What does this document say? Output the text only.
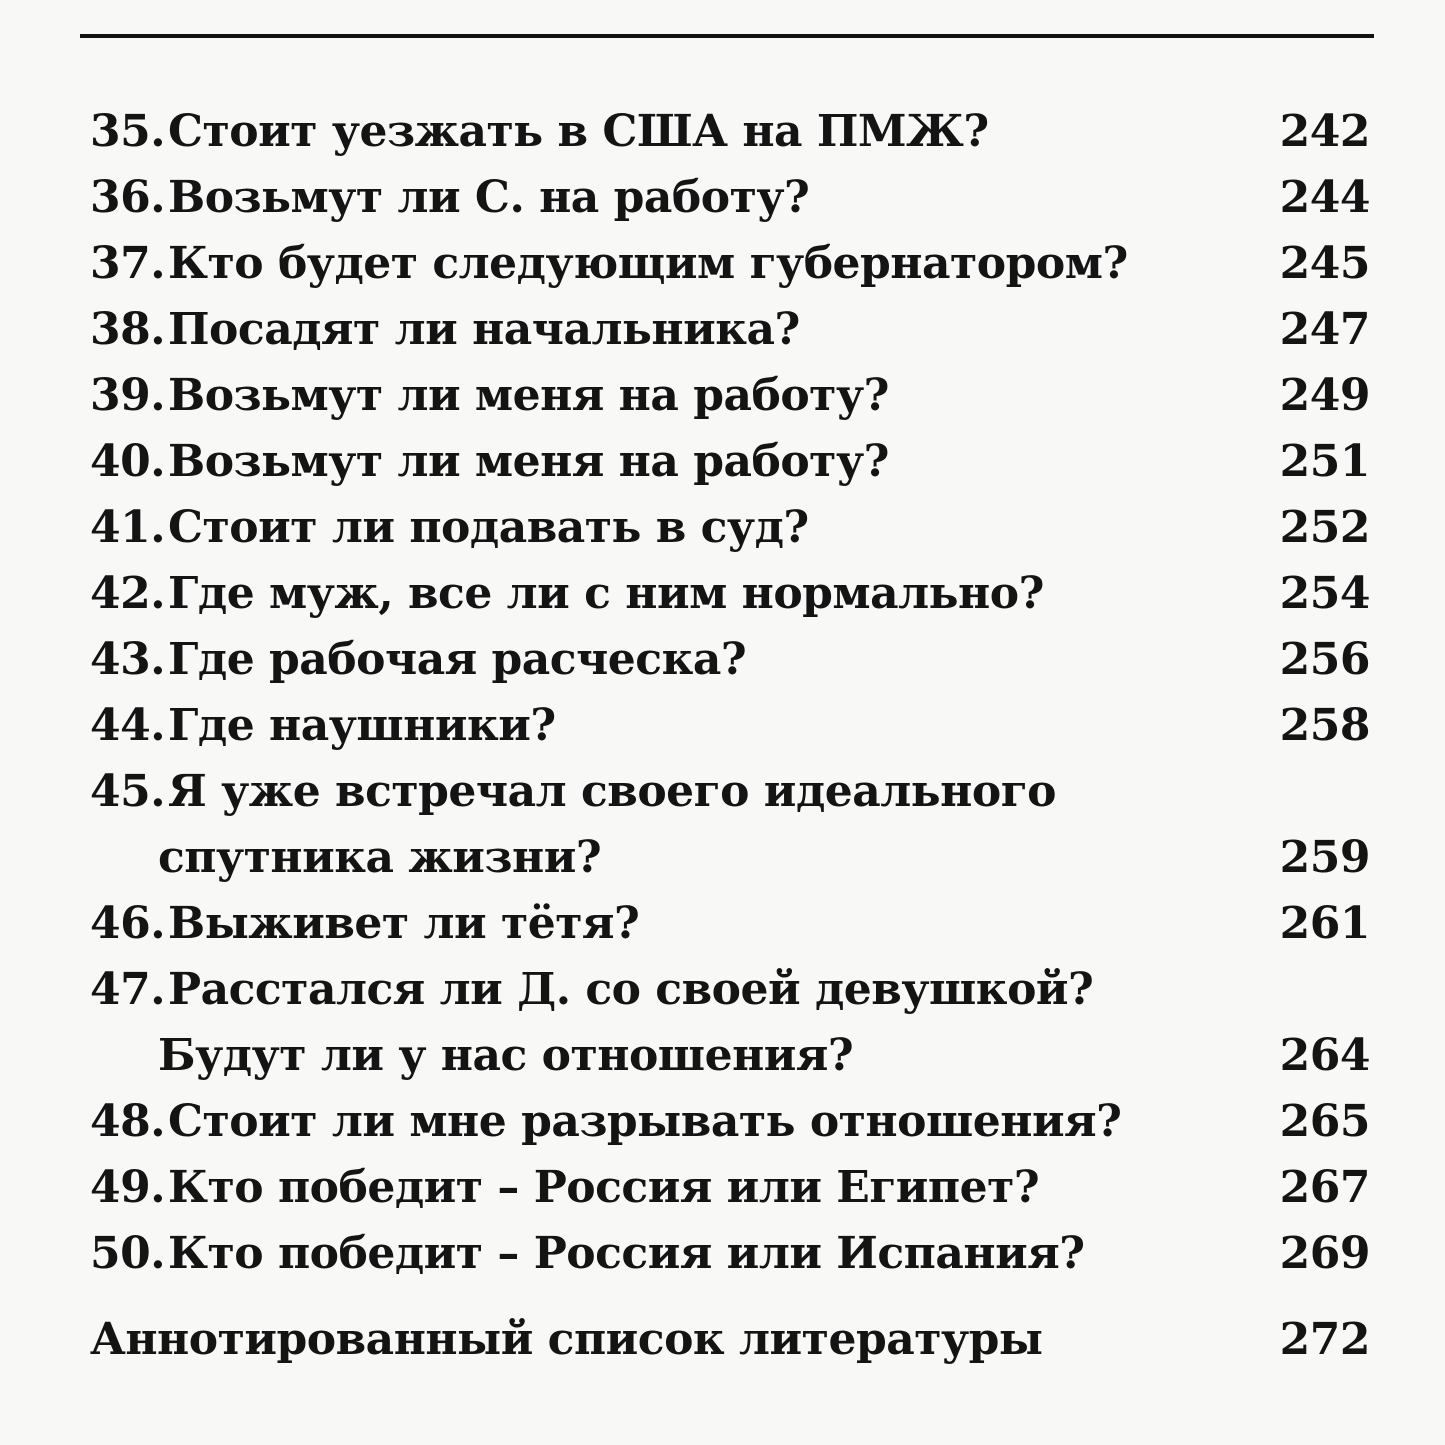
35. Стоит уезжать в США на ПМЖ?	242
36. Возьмут ли С. на работу?	244
37. Кто будет следующим губернатором?	245
38. Посадят ли начальника?	247
39. Возьмут ли меня на работу?	249
40. Возьмут ли меня на работу?	251
41. Стоит ли подавать в суд?	252
42. Где муж, все ли с ним нормально?	254
43. Где рабочая расческа?	256
44. Где наушники?	258
45. Я уже встречал своего идеального
спутника жизни?	259
46. Выживет ли тётя?	261
47. Расстался ли Д. со своей девушкой?
Будут ли у нас отношения?	264
48. Стоит ли мне разрывать отношения?	265
49. Кто победит – Россия или Египет?	267
50. Кто победит – Россия или Испания?	269
Аннотированный список литературы	272
